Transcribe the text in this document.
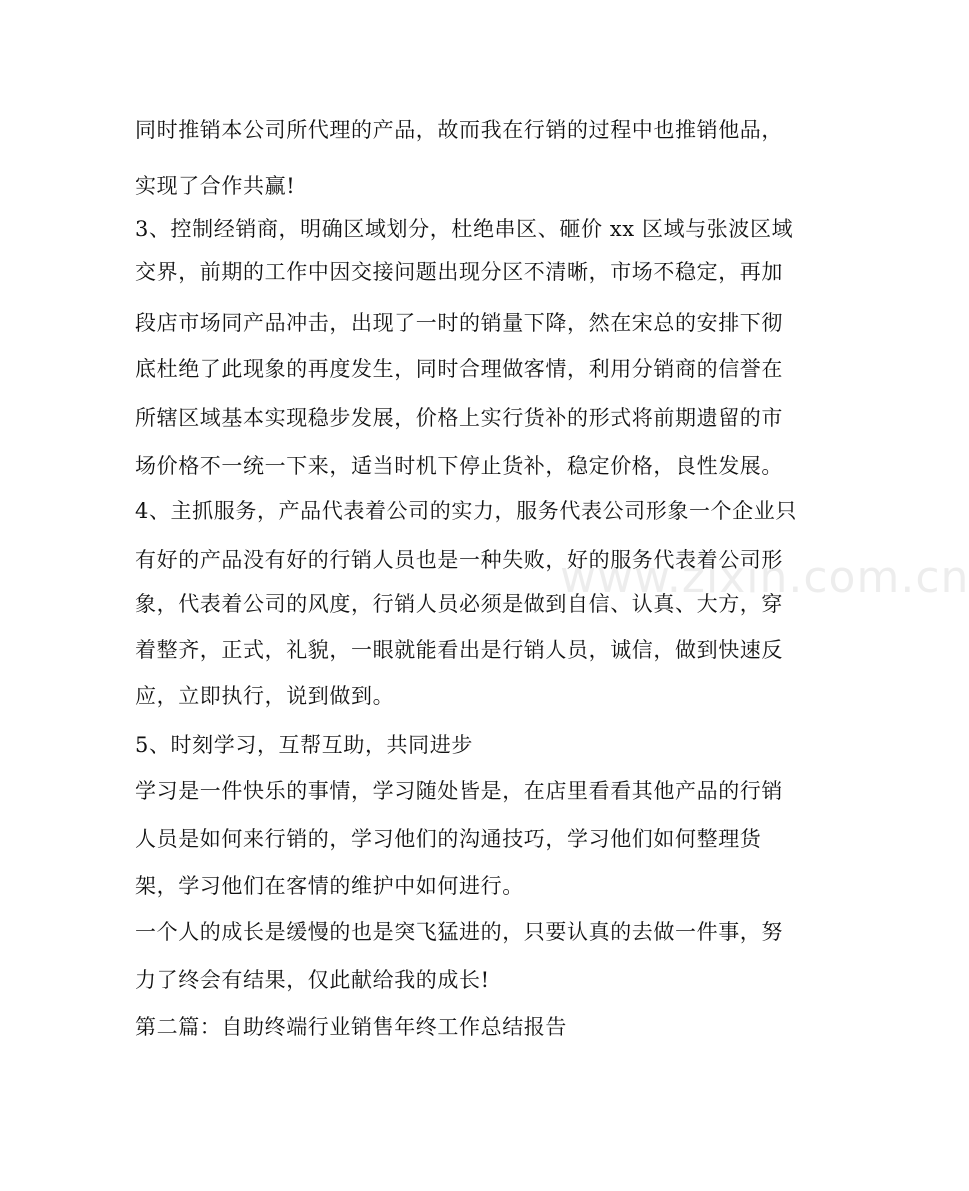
www.zixin.com.cn
同时推销本公司所代理的产品，故而我在行销的过程中也推销他品，
实现了合作共赢!
3、控制经销商，明确区域划分，杜绝串区、砸价 xx 区域与张波区域
交界，前期的工作中因交接问题出现分区不清晰，市场不稳定，再加
段店市场同产品冲击，出现了一时的销量下降，然在宋总的安排下彻
底杜绝了此现象的再度发生，同时合理做客情，利用分销商的信誉在
所辖区域基本实现稳步发展，价格上实行货补的形式将前期遗留的市
场价格不一统一下来，适当时机下停止货补，稳定价格，良性发展。
4、主抓服务，产品代表着公司的实力，服务代表公司形象一个企业只
有好的产品没有好的行销人员也是一种失败，好的服务代表着公司形
象，代表着公司的风度，行销人员必须是做到自信、认真、大方，穿
着整齐，正式，礼貌，一眼就能看出是行销人员，诚信，做到快速反
应，立即执行，说到做到。
5、时刻学习，互帮互助，共同进步
学习是一件快乐的事情，学习随处皆是，在店里看看其他产品的行销
人员是如何来行销的，学习他们的沟通技巧，学习他们如何整理货
架，学习他们在客情的维护中如何进行。
一个人的成长是缓慢的也是突飞猛进的，只要认真的去做一件事，努
力了终会有结果，仅此献给我的成长!
第二篇：自助终端行业销售年终工作总结报告
